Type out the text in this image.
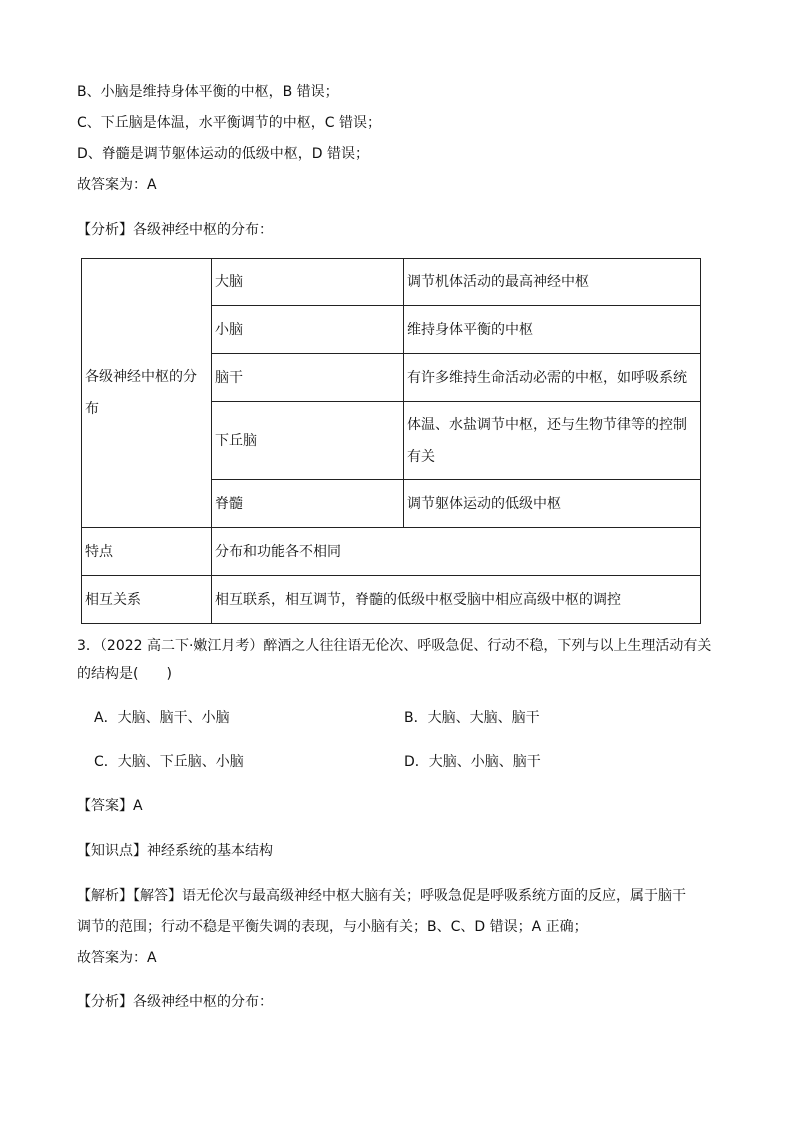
B、小脑是维持身体平衡的中枢，B 错误；
C、下丘脑是体温，水平衡调节的中枢，C 错误；
D、脊髓是调节躯体运动的低级中枢，D 错误；
故答案为：A
【分析】各级神经中枢的分布：
各级神经中枢的分布	大脑	调节机体活动的最高神经中枢
	小脑	维持身体平衡的中枢
	脑干	有许多维持生命活动必需的中枢，如呼吸系统
	下丘脑	体温、水盐调节中枢，还与生物节律等的控制有关
	脊髓	调节躯体运动的低级中枢
特点	分布和功能各不相同	
相互关系	相互联系，相互调节，脊髓的低级中枢受脑中相应高级中枢的调控	
3．（2022 高二下·嫩江月考）醉酒之人往往语无伦次、呼吸急促、行动不稳，下列与以上生理活动有关
的结构是(　　)
A．大脑、脑干、小脑	B．大脑、大脑、脑干
C．大脑、下丘脑、小脑	D．大脑、小脑、脑干
【答案】A
【知识点】神经系统的基本结构
【解析】【解答】语无伦次与最高级神经中枢大脑有关；呼吸急促是呼吸系统方面的反应，属于脑干
调节的范围；行动不稳是平衡失调的表现，与小脑有关；B、C、D 错误；A 正确；
故答案为：A
【分析】各级神经中枢的分布：
